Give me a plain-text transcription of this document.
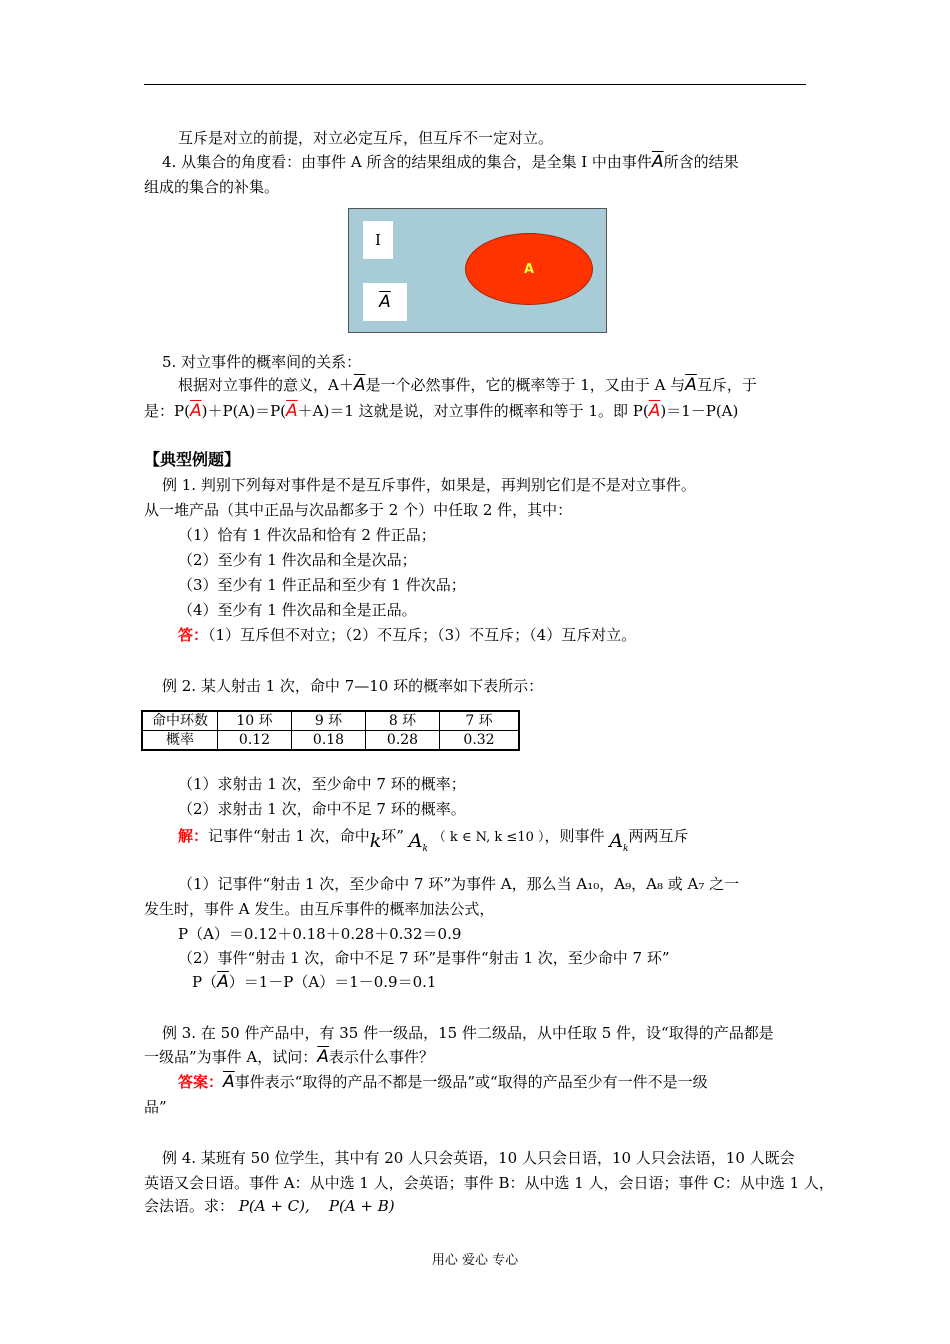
互斥是对立的前提，对立必定互斥，但互斥不一定对立。
4. 从集合的角度看：由事件 A 所含的结果组成的集合，是全集 I 中由事件$\overline{A}$所含的结果
组成的集合的补集。
I
$\overline{A}$
A
5. 对立事件的概率间的关系：
根据对立事件的意义，$A+\overline{A}$是一个必然事件，它的概率等于 1，又由于 A 与$\overline{A}$互斥，于
是：$P(\overline{A})+P(A)=P(\overline{A}+A)=1$ 这就是说，对立事件的概率和等于 1。即 $P(\overline{A})=1-P(A)$
【典型例题】
例 1. 判别下列每对事件是不是互斥事件，如果是，再判别它们是不是对立事件。
从一堆产品（其中正品与次品都多于 2 个）中任取 2 件，其中：
（1）恰有 1 件次品和恰有 2 件正品；
（2）至少有 1 件次品和全是次品；
（3）至少有 1 件正品和至少有 1 件次品；
（4）至少有 1 件次品和全是正品。
答：（1）互斥但不对立；（2）不互斥；（3）不互斥；（4）互斥对立。
例 2. 某人射击 1 次，命中 7—10 环的概率如下表所示：
命中环数	10 环	9 环	8 环	7 环
概率	0.12	0.18	0.28	0.32
（1）求射击 1 次，至少命中 7 环的概率；
（2）求射击 1 次，命中不足 7 环的概率。
解：记事件“射击 1 次，命中k环” $A_k$ （ k ∈ N, k ≤10 ），则事件 $A_k$两两互斥
（1）记事件“射击 1 次，至少命中 7 环”为事件 A，那么当 A₁₀，A₉，A₈ 或 A₇ 之一
发生时，事件 A 发生。由互斥事件的概率加法公式，
P（A）＝0.12＋0.18＋0.28＋0.32＝0.9
（2）事件“射击 1 次，命中不足 7 环”是事件“射击 1 次，至少命中 7 环”
$P(\overline{A})=1-P(A)=1-0.9=0.1$
例 3. 在 50 件产品中，有 35 件一级品，15 件二级品，从中任取 5 件，设“取得的产品都是
一级品”为事件 A，试问：$\overline{A}$表示什么事件？
答案：$\overline{A}$事件表示“取得的产品不都是一级品”或“取得的产品至少有一件不是一级
品”
例 4. 某班有 50 位学生，其中有 20 人只会英语，10 人只会日语，10 人只会法语，10 人既会
英语又会日语。事件 A：从中选 1 人，会英语；事件 B：从中选 1 人，会日语；事件 C：从中选 1 人，
会法语。求： P(A + C), P(A + B)
用心 爱心 专心
